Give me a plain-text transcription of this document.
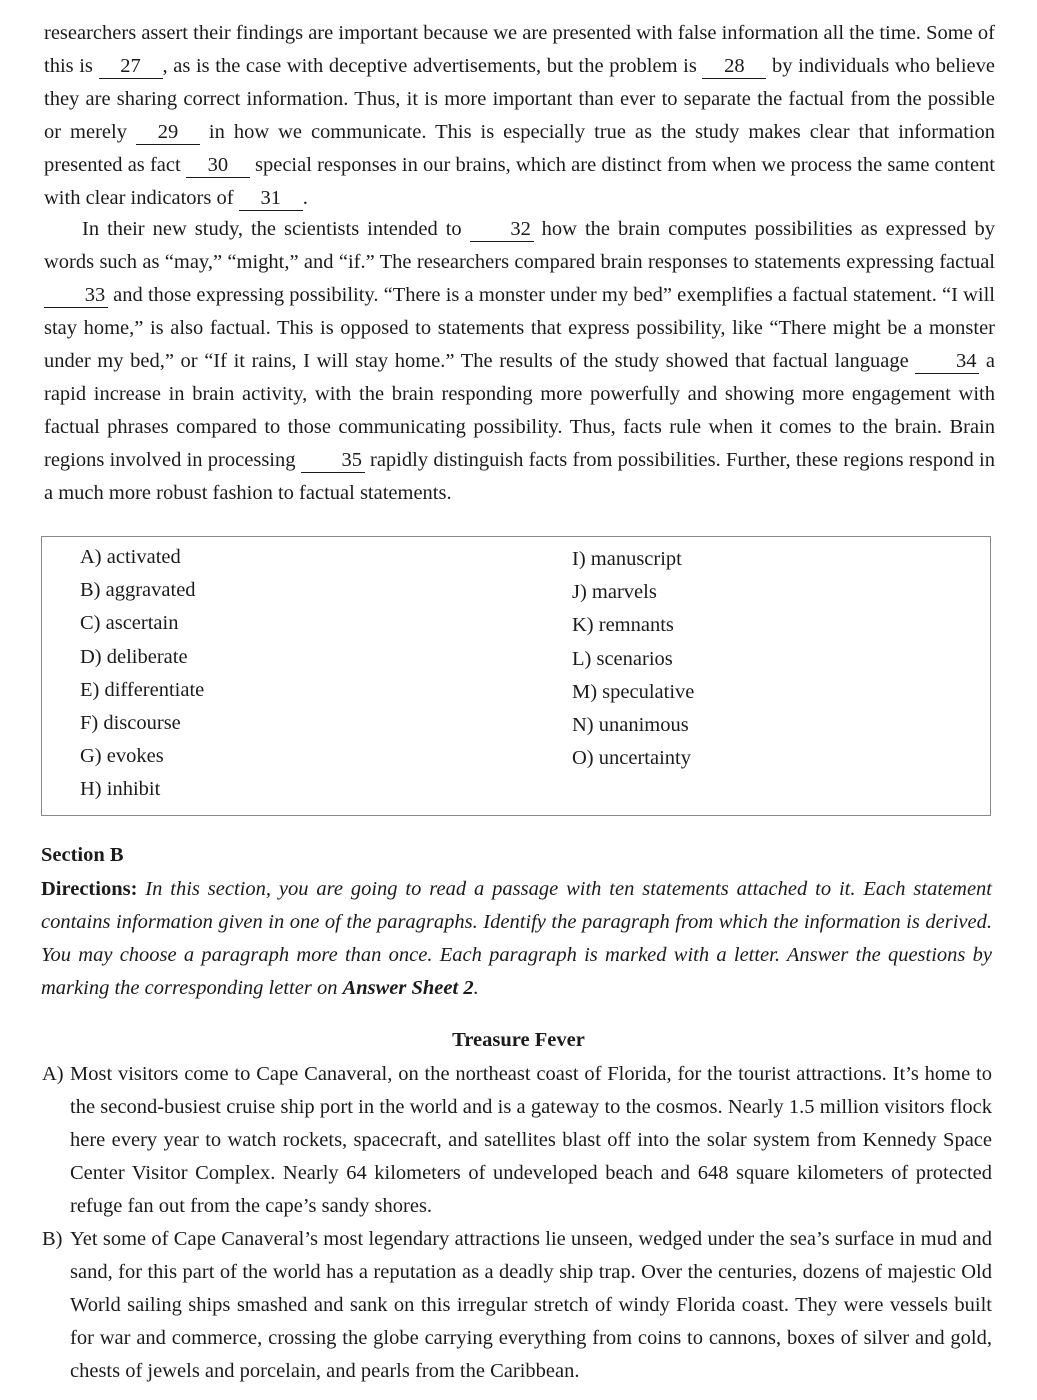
researchers assert their findings are important because we are presented with false information all the time. Some of this is 27 , as is the case with deceptive advertisements, but the problem is 28 by individuals who believe they are sharing correct information. Thus, it is more important than ever to separate the factual from the possible or merely 29 in how we communicate. This is especially true as the study makes clear that information presented as fact 30 special responses in our brains, which are distinct from when we process the same content with clear indicators of 31 .

In their new study, the scientists intended to 32 how the brain computes possibilities as expressed by words such as “may,” “might,” and “if.” The researchers compared brain responses to statements expressing factual 33 and those expressing possibility. “There is a monster under my bed” exemplifies a factual statement. “I will stay home,” is also factual. This is opposed to statements that express possibility, like “There might be a monster under my bed,” or “If it rains, I will stay home.” The results of the study showed that factual language 34 a rapid increase in brain activity, with the brain responding more powerfully and showing more engagement with factual phrases compared to those communicating possibility. Thus, facts rule when it comes to the brain. Brain regions involved in processing 35 rapidly distinguish facts from possibilities. Further, these regions respond in a much more robust fashion to factual statements.

A) activated
B) aggravated
C) ascertain
D) deliberate
E) differentiate
F) discourse
G) evokes
H) inhibit
I) manuscript
J) marvels
K) remnants
L) scenarios
M) speculative
N) unanimous
O) uncertainty
Section B

Directions: In this section, you are going to read a passage with ten statements attached to it. Each statement contains information given in one of the paragraphs. Identify the paragraph from which the information is derived. You may choose a paragraph more than once. Each paragraph is marked with a letter. Answer the questions by marking the corresponding letter on Answer Sheet 2.

Treasure Fever

A) Most visitors come to Cape Canaveral, on the northeast coast of Florida, for the tourist attractions. It’s home to the second-busiest cruise ship port in the world and is a gateway to the cosmos. Nearly 1.5 million visitors flock here every year to watch rockets, spacecraft, and satellites blast off into the solar system from Kennedy Space Center Visitor Complex. Nearly 64 kilometers of undeveloped beach and 648 square kilometers of protected refuge fan out from the cape’s sandy shores.

B) Yet some of Cape Canaveral’s most legendary attractions lie unseen, wedged under the sea’s surface in mud and sand, for this part of the world has a reputation as a deadly ship trap. Over the centuries, dozens of majestic Old World sailing ships smashed and sank on this irregular stretch of windy Florida coast. They were vessels built for war and commerce, crossing the globe carrying everything from coins to cannons, boxes of silver and gold, chests of jewels and porcelain, and pearls from the Caribbean.
